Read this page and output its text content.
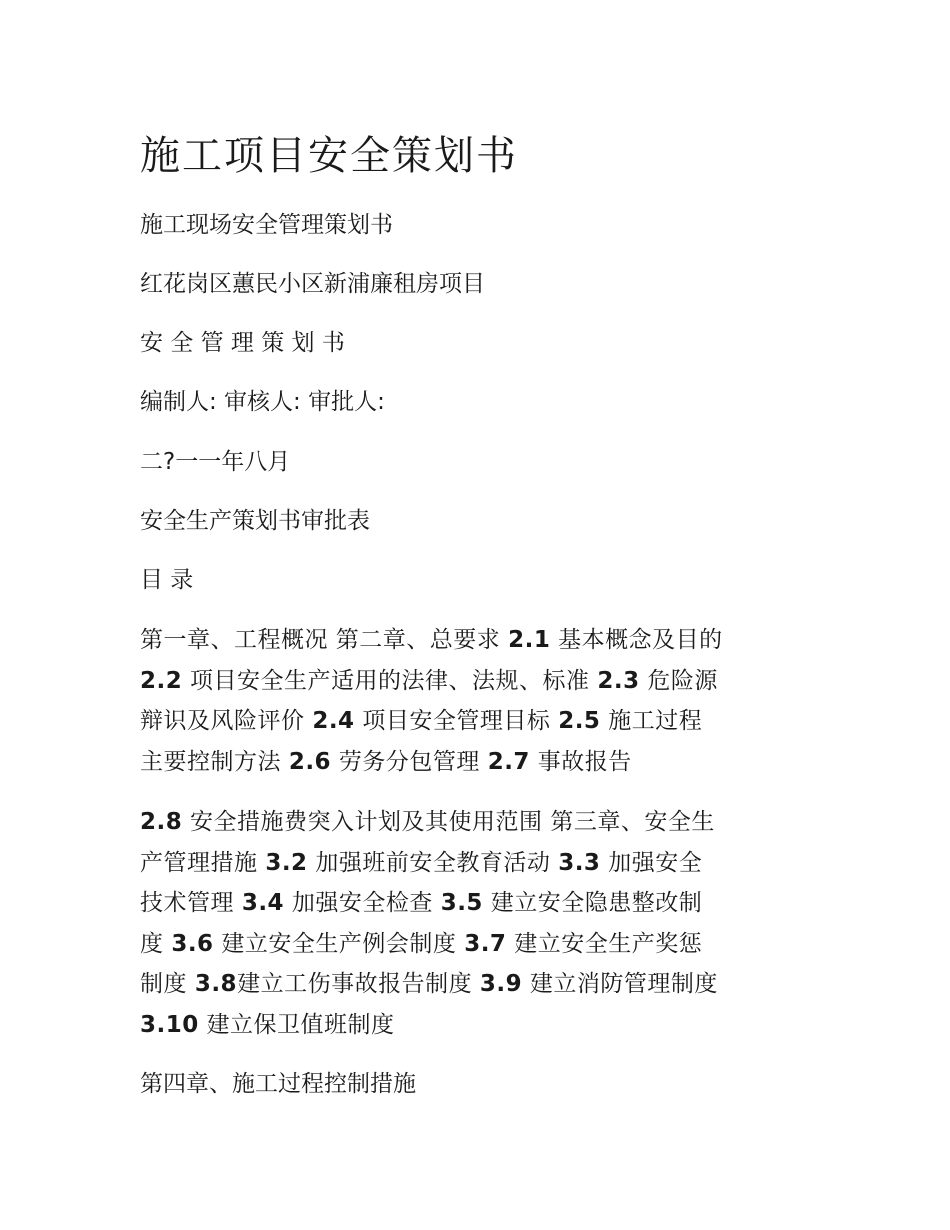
施工项目安全策划书
施工现场安全管理策划书
红花岗区蕙民小区新浦廉租房项目
安 全 管 理 策 划 书
编制人: 审核人: 审批人:
二?一一年八月
安全生产策划书审批表
目 录
第一章、工程概况 第二章、总要求 2.1 基本概念及目的
2.2 项目安全生产适用的法律、法规、标准 2.3 危险源
辩识及风险评价 2.4 项目安全管理目标 2.5 施工过程
主要控制方法 2.6 劳务分包管理 2.7 事故报告
2.8 安全措施费突入计划及其使用范围 第三章、安全生
产管理措施 3.2 加强班前安全教育活动 3.3 加强安全
技术管理 3.4 加强安全检查 3.5 建立安全隐患整改制
度 3.6 建立安全生产例会制度 3.7 建立安全生产奖惩
制度 3.8建立工伤事故报告制度 3.9 建立消防管理制度
3.10 建立保卫值班制度
第四章、施工过程控制措施
